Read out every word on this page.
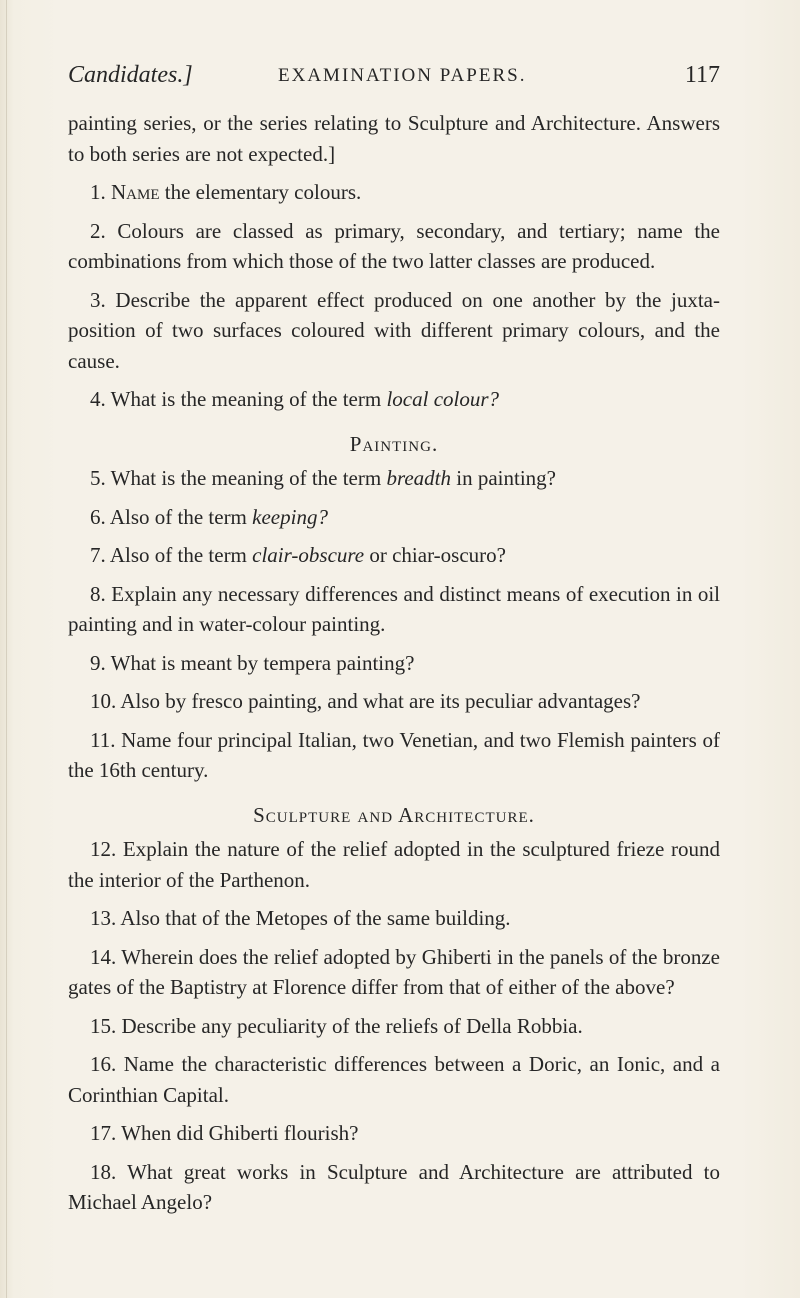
Candidates.]	EXAMINATION PAPERS.	117

painting series, or the series relating to Sculpture and Architecture. Answers to both series are not expected.]

1. Name the elementary colours.

2. Colours are classed as primary, secondary, and tertiary; name the combinations from which those of the two latter classes are produced.

3. Describe the apparent effect produced on one another by the juxta-position of two surfaces coloured with different primary colours, and the cause.

4. What is the meaning of the term local colour?

Painting.

5. What is the meaning of the term breadth in painting?

6. Also of the term keeping?

7. Also of the term clair-obscure or chiar-oscuro?

8. Explain any necessary differences and distinct means of execution in oil painting and in water-colour painting.

9. What is meant by tempera painting?

10. Also by fresco painting, and what are its peculiar advantages?

11. Name four principal Italian, two Venetian, and two Flemish painters of the 16th century.

Sculpture and Architecture.

12. Explain the nature of the relief adopted in the sculptured frieze round the interior of the Parthenon.

13. Also that of the Metopes of the same building.

14. Wherein does the relief adopted by Ghiberti in the panels of the bronze gates of the Baptistry at Florence differ from that of either of the above?

15. Describe any peculiarity of the reliefs of Della Robbia.

16. Name the characteristic differences between a Doric, an Ionic, and a Corinthian Capital.

17. When did Ghiberti flourish?

18. What great works in Sculpture and Architecture are attributed to Michael Angelo?
